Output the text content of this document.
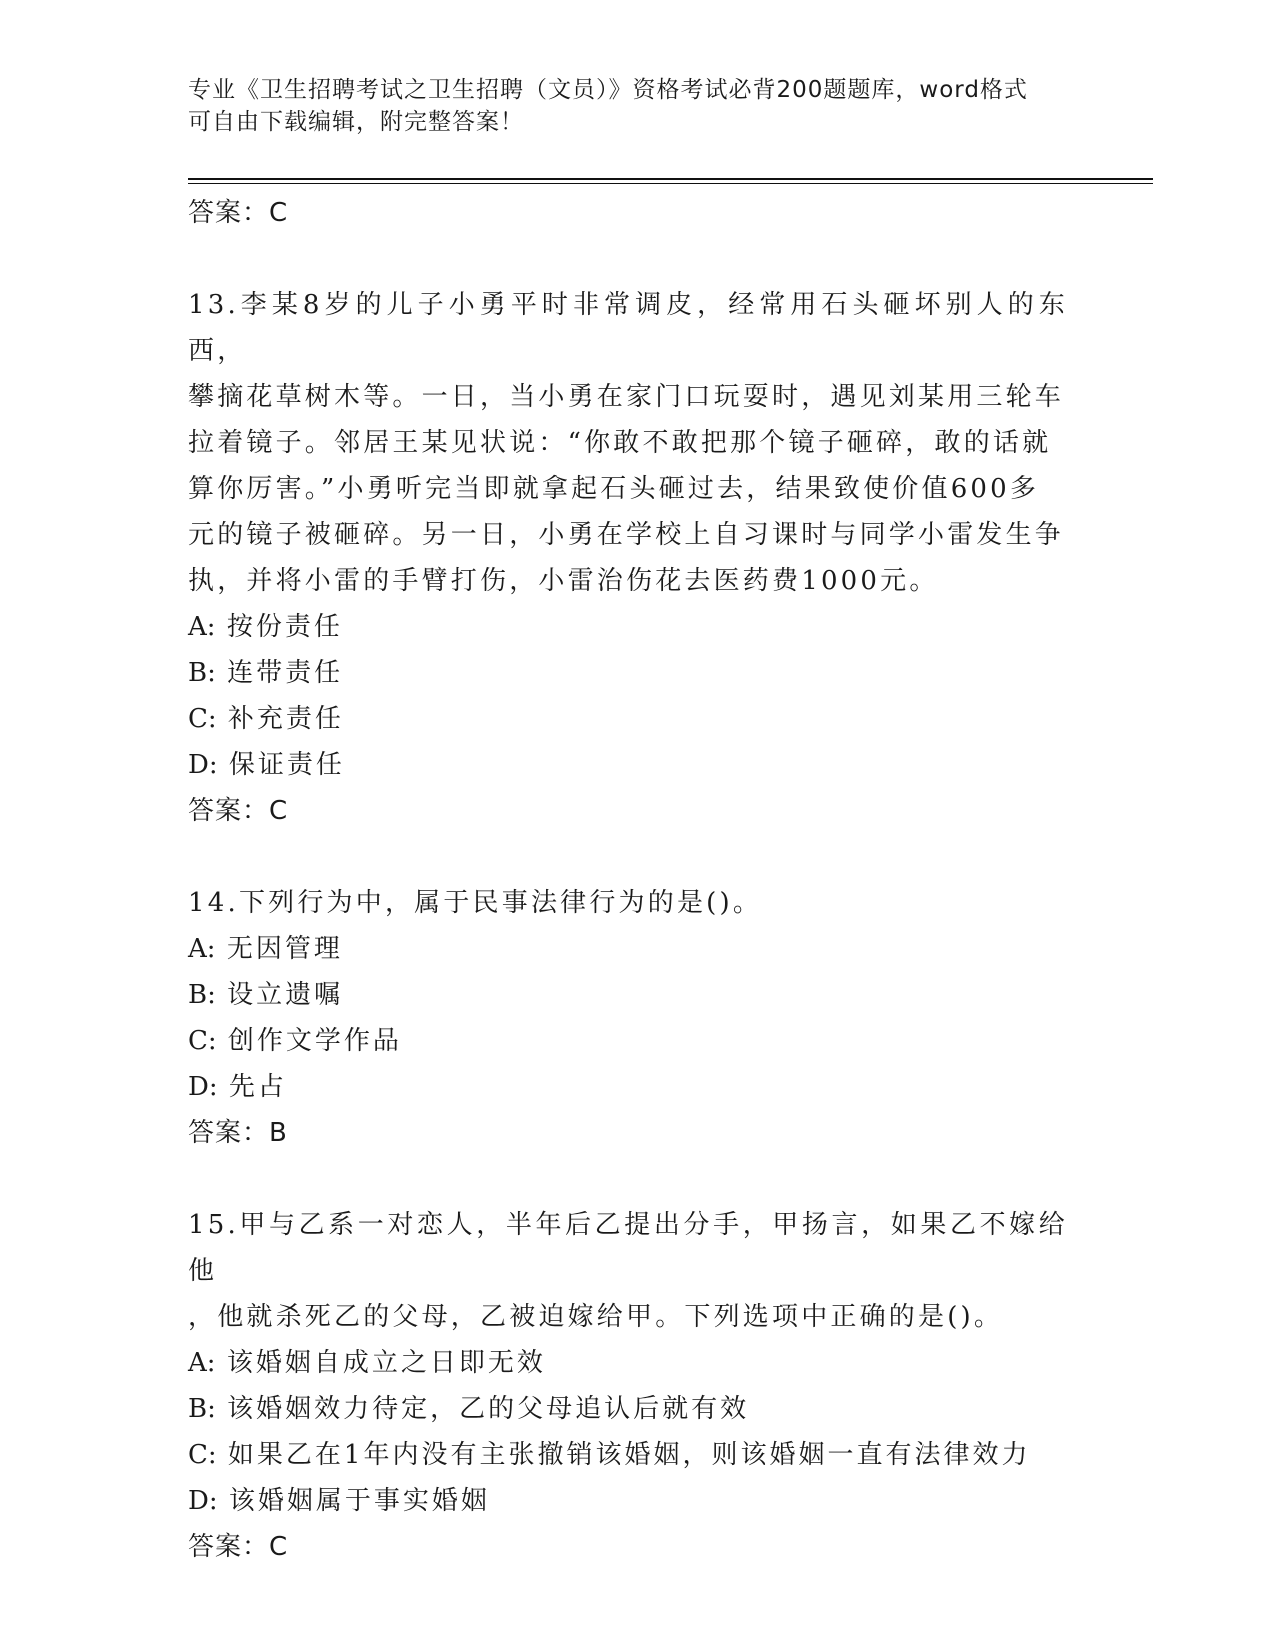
专业《卫生招聘考试之卫生招聘（文员）》资格考试必背200题题库，word格式
可自由下载编辑，附完整答案！
答案：C
13.李某8岁的儿子小勇平时非常调皮，经常用石头砸坏别人的东西，
攀摘花草树木等。一日，当小勇在家门口玩耍时，遇见刘某用三轮车
拉着镜子。邻居王某见状说：“你敢不敢把那个镜子砸碎，敢的话就
算你厉害。”小勇听完当即就拿起石头砸过去，结果致使价值600多
元的镜子被砸碎。另一日，小勇在学校上自习课时与同学小雷发生争
执，并将小雷的手臂打伤，小雷治伤花去医药费1000元。
A: 按份责任
B: 连带责任
C: 补充责任
D: 保证责任
答案：C
14.下列行为中，属于民事法律行为的是()。
A: 无因管理
B: 设立遗嘱
C: 创作文学作品
D: 先占
答案：B
15.甲与乙系一对恋人，半年后乙提出分手，甲扬言，如果乙不嫁给他
，他就杀死乙的父母，乙被迫嫁给甲。下列选项中正确的是()。
A: 该婚姻自成立之日即无效
B: 该婚姻效力待定，乙的父母追认后就有效
C: 如果乙在1年内没有主张撤销该婚姻，则该婚姻一直有法律效力
D: 该婚姻属于事实婚姻
答案：C
